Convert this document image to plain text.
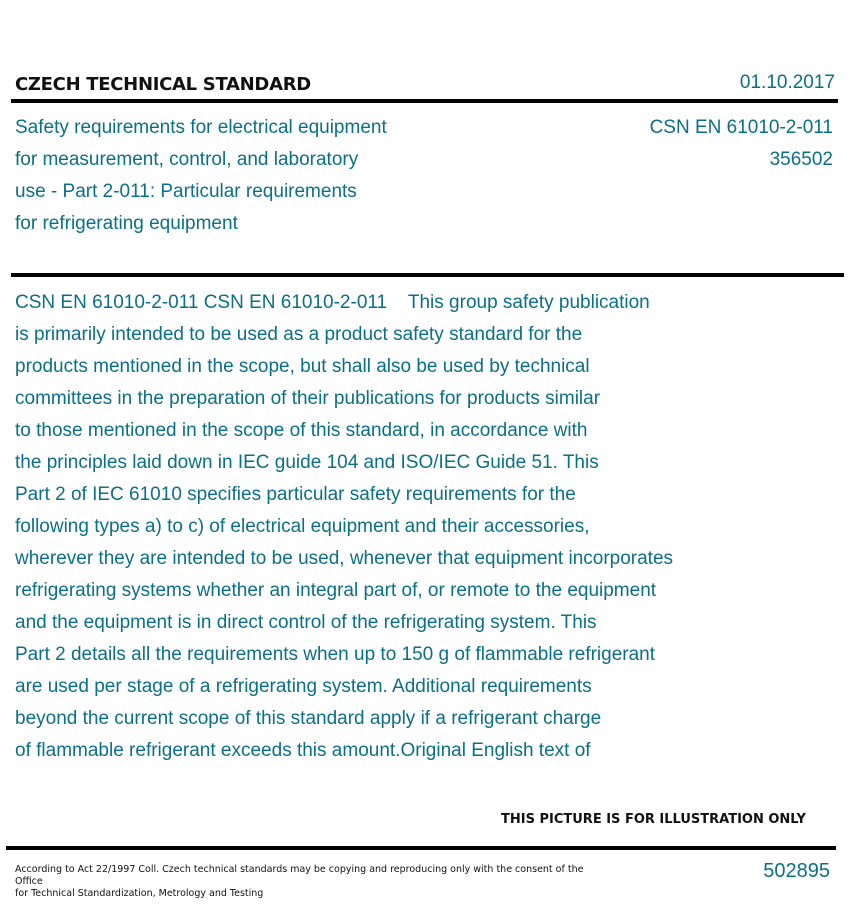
CZECH TECHNICAL STANDARD	01.10.2017
Safety requirements for electrical equipment
for measurement, control, and laboratory
use - Part 2-011: Particular requirements
for refrigerating equipment
CSN EN 61010-2-011
356502
CSN EN 61010-2-011 CSN EN 61010-2-011    This group safety publication
is primarily intended to be used as a product safety standard for the
products mentioned in the scope, but shall also be used by technical
committees in the preparation of their publications for products similar
to those mentioned in the scope of this standard, in accordance with
the principles laid down in IEC guide 104 and ISO/IEC Guide 51. This
Part 2 of IEC 61010 specifies particular safety requirements for the
following types a) to c) of electrical equipment and their accessories,
wherever they are intended to be used, whenever that equipment incorporates
refrigerating systems whether an integral part of, or remote to the equipment
and the equipment is in direct control of the refrigerating system. This
Part 2 details all the requirements when up to 150 g of flammable refrigerant
are used per stage of a refrigerating system. Additional requirements
beyond the current scope of this standard apply if a refrigerant charge
of flammable refrigerant exceeds this amount.Original English text of
THIS PICTURE IS FOR ILLUSTRATION ONLY
According to Act 22/1997 Coll. Czech technical standards may be copying and reproducing only with the consent of the Office
for Technical Standardization, Metrology and Testing
502895
